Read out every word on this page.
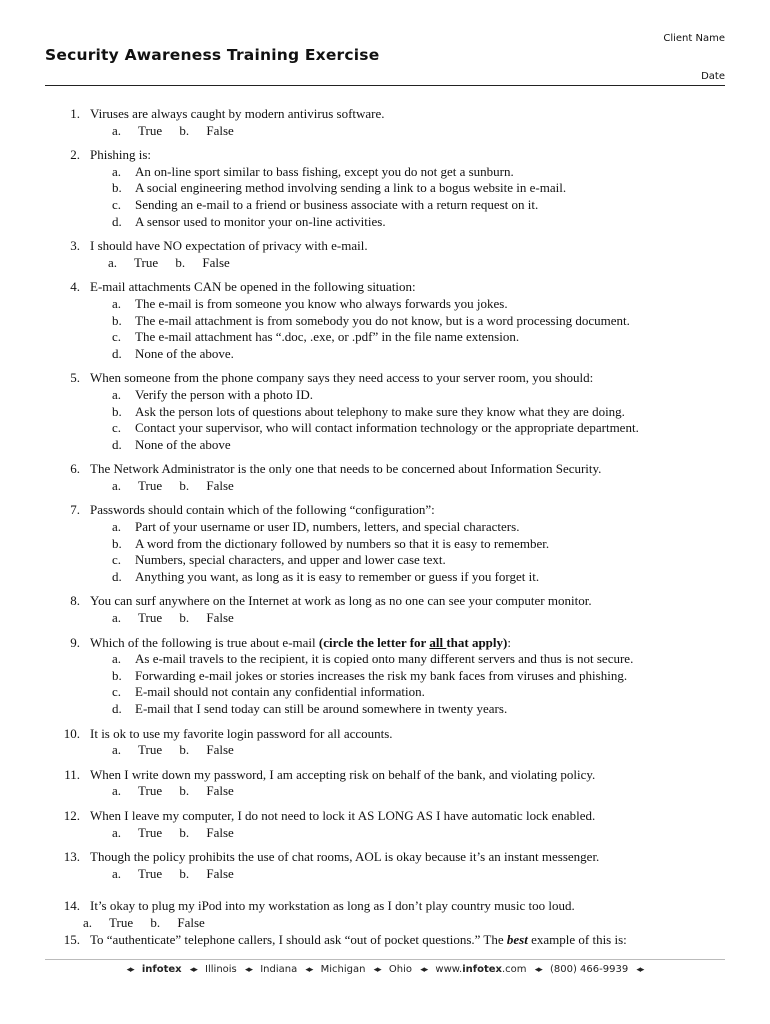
Client Name
Security Awareness Training Exercise
Date
1. Viruses are always caught by modern antivirus software.
a. True b. False
2. Phishing is:
a. An on-line sport similar to bass fishing, except you do not get a sunburn.
b. A social engineering method involving sending a link to a bogus website in e-mail.
c. Sending an e-mail to a friend or business associate with a return request on it.
d. A sensor used to monitor your on-line activities.
3. I should have NO expectation of privacy with e-mail.
a. True b. False
4. E-mail attachments CAN be opened in the following situation:
a. The e-mail is from someone you know who always forwards you jokes.
b. The e-mail attachment is from somebody you do not know, but is a word processing document.
c. The e-mail attachment has “.doc, .exe, or .pdf” in the file name extension.
d. None of the above.
5. When someone from the phone company says they need access to your server room, you should:
a. Verify the person with a photo ID.
b. Ask the person lots of questions about telephony to make sure they know what they are doing.
c. Contact your supervisor, who will contact information technology or the appropriate department.
d. None of the above
6. The Network Administrator is the only one that needs to be concerned about Information Security.
a. True b. False
7. Passwords should contain which of the following “configuration”:
a. Part of your username or user ID, numbers, letters, and special characters.
b. A word from the dictionary followed by numbers so that it is easy to remember.
c. Numbers, special characters, and upper and lower case text.
d. Anything you want, as long as it is easy to remember or guess if you forget it.
8. You can surf anywhere on the Internet at work as long as no one can see your computer monitor.
a. True b. False
9. Which of the following is true about e-mail (circle the letter for all that apply):
a. As e-mail travels to the recipient, it is copied onto many different servers and thus is not secure.
b. Forwarding e-mail jokes or stories increases the risk my bank faces from viruses and phishing.
c. E-mail should not contain any confidential information.
d. E-mail that I send today can still be around somewhere in twenty years.
10. It is ok to use my favorite login password for all accounts.
a. True b. False
11. When I write down my password, I am accepting risk on behalf of the bank, and violating policy.
a. True b. False
12. When I leave my computer, I do not need to lock it AS LONG AS I have automatic lock enabled.
a. True b. False
13. Though the policy prohibits the use of chat rooms, AOL is okay because it’s an instant messenger.
a. True b. False
14. It’s okay to plug my iPod into my workstation as long as I don’t play country music too loud.
a. True b. False
15. To “authenticate” telephone callers, I should ask “out of pocket questions.” The best example of this is:
◂▸ infotex ◂▸ Illinois ◂▸ Indiana ◂▸ Michigan ◂▸ Ohio ◂▸ www.infotex.com ◂▸ (800) 466-9939 ◂▸
